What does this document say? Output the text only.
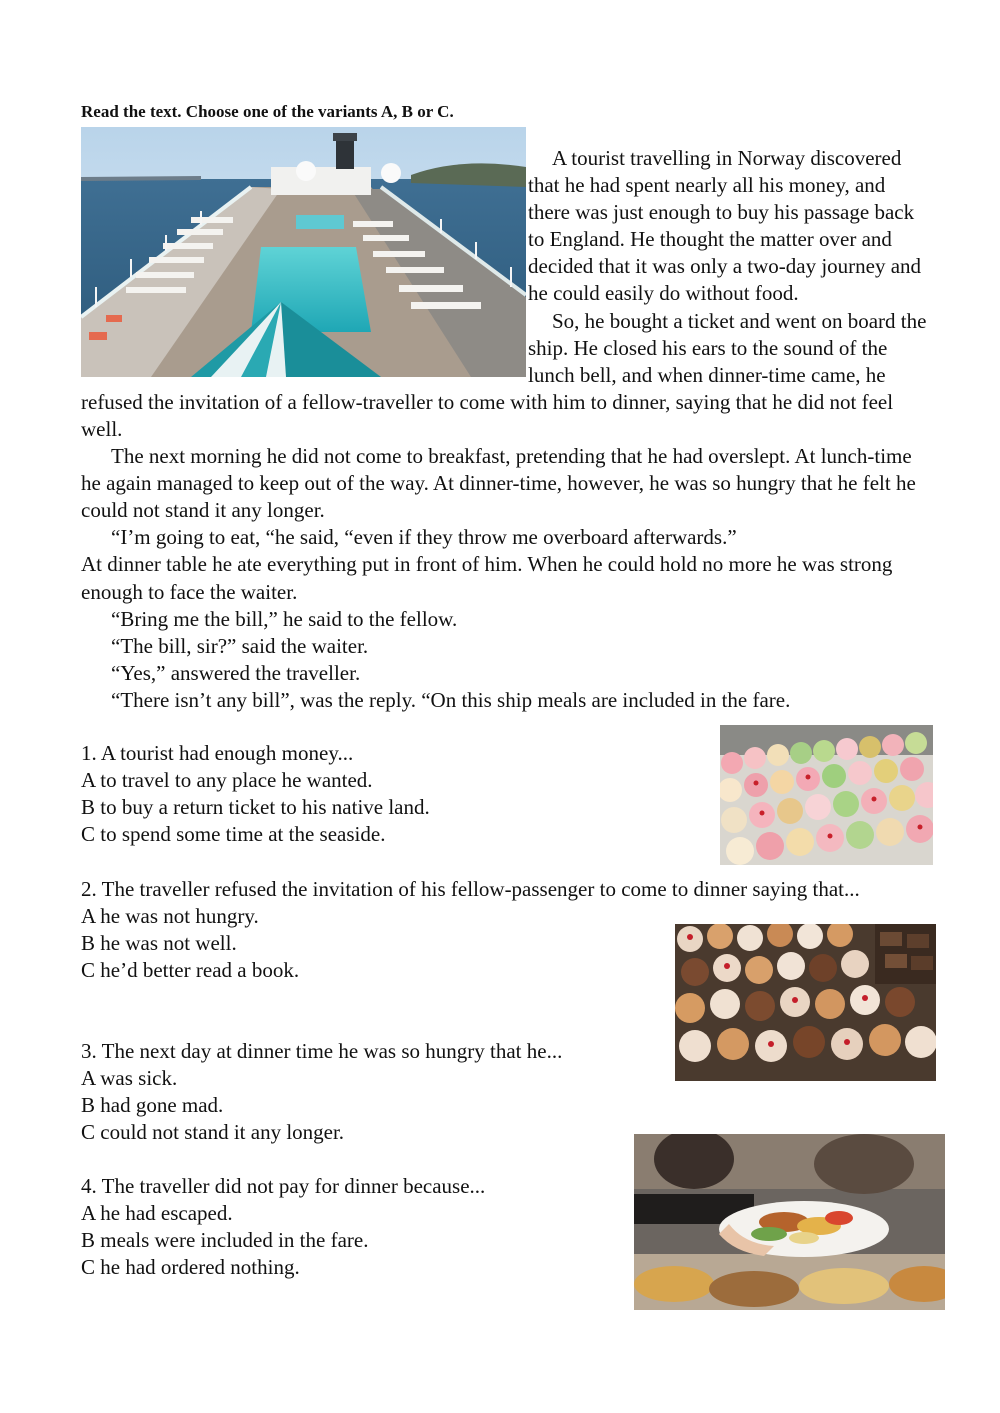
Read the text. Choose one of the variants A, B or C.

A tourist travelling in Norway discovered that he had spent nearly all his money, and there was just enough to buy his passage back to England. He thought the matter over and decided that it was only a two-day journey and he could easily do without food.

So, he bought a ticket and went on board the ship. He closed his ears to the sound of the lunch bell, and when dinner-time came, he refused the invitation of a fellow-traveller to come with him to dinner, saying that he did not feel well.

The next morning he did not come to breakfast, pretending that he had overslept. At lunch-time he again managed to keep out of the way. At dinner-time, however, he was so hungry that he felt he could not stand it any longer.

“I’m going to eat, “he said, “even if they throw me overboard afterwards.”

At dinner table he ate everything put in front of him. When he could hold no more he was strong enough to face the waiter.

“Bring me the bill,” he said to the fellow.

“The bill, sir?” said the waiter.

“Yes,” answered the traveller.

“There isn’t any bill”, was the reply. “On this ship meals are included in the fare.

1. A tourist had enough money...

A to travel to any place he wanted.

B to buy a return ticket to his native land.

C to spend some time at the seaside.

2. The traveller refused the invitation of his fellow-passenger to come to dinner saying that...

A he was not hungry.

B he was not well.

C he’d better read a book.

3. The next day at dinner time he was so hungry that he...

A was sick.

B had gone mad.

C could not stand it any longer.

4. The traveller did not pay for dinner because...

A he had escaped.

B meals were included in the fare.

C he had ordered nothing.
